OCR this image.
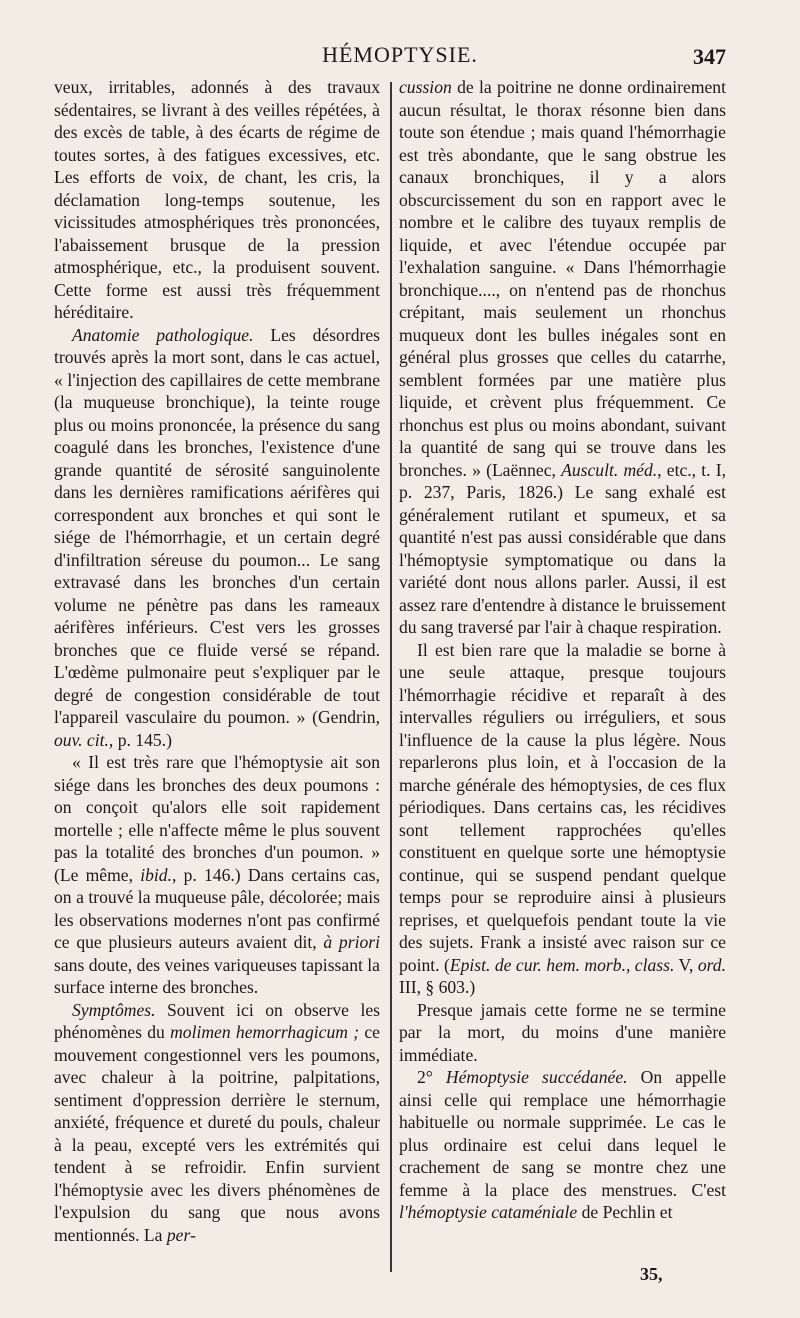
HÉMOPTYSIE.	347

veux, irritables, adonnés à des travaux sédentaires, se livrant à des veilles répétées, à des excès de table, à des écarts de régime de toutes sortes, à des fatigues excessives, etc. Les efforts de voix, de chant, les cris, la déclamation long-temps soutenue, les vicissitudes atmosphériques très prononcées, l'abaissement brusque de la pression atmosphérique, etc., la produisent souvent. Cette forme est aussi très fréquemment héréditaire.

Anatomie pathologique. Les désordres trouvés après la mort sont, dans le cas actuel, « l'injection des capillaires de cette membrane (la muqueuse bronchique), la teinte rouge plus ou moins prononcée, la présence du sang coagulé dans les bronches, l'existence d'une grande quantité de sérosité sanguinolente dans les dernières ramifications aérifères qui correspondent aux bronches et qui sont le siége de l'hémorrhagie, et un certain degré d'infiltration séreuse du poumon... Le sang extravasé dans les bronches d'un certain volume ne pénètre pas dans les rameaux aérifères inférieurs. C'est vers les grosses bronches que ce fluide versé se répand. L'œdème pulmonaire peut s'expliquer par le degré de congestion considérable de tout l'appareil vasculaire du poumon. » (Gendrin, ouv. cit., p. 145.)

« Il est très rare que l'hémoptysie ait son siége dans les bronches des deux poumons : on conçoit qu'alors elle soit rapidement mortelle ; elle n'affecte même le plus souvent pas la totalité des bronches d'un poumon. » (Le même, ibid., p. 146.) Dans certains cas, on a trouvé la muqueuse pâle, décolorée; mais les observations modernes n'ont pas confirmé ce que plusieurs auteurs avaient dit, à priori sans doute, des veines variqueuses tapissant la surface interne des bronches.

Symptômes. Souvent ici on observe les phénomènes du molimen hemorrhagicum ; ce mouvement congestionnel vers les poumons, avec chaleur à la poitrine, palpitations, sentiment d'oppression derrière le sternum, anxiété, fréquence et dureté du pouls, chaleur à la peau, excepté vers les extrémités qui tendent à se refroidir. Enfin survient l'hémoptysie avec les divers phénomènes de l'expulsion du sang que nous avons mentionnés. La per-

cussion de la poitrine ne donne ordinairement aucun résultat, le thorax résonne bien dans toute son étendue ; mais quand l'hémorrhagie est très abondante, que le sang obstrue les canaux bronchiques, il y a alors obscurcissement du son en rapport avec le nombre et le calibre des tuyaux remplis de liquide, et avec l'étendue occupée par l'exhalation sanguine. « Dans l'hémorrhagie bronchique...., on n'entend pas de rhonchus crépitant, mais seulement un rhonchus muqueux dont les bulles inégales sont en général plus grosses que celles du catarrhe, semblent formées par une matière plus liquide, et crèvent plus fréquemment. Ce rhonchus est plus ou moins abondant, suivant la quantité de sang qui se trouve dans les bronches. » (Laënnec, Auscult. méd., etc., t. I, p. 237, Paris, 1826.) Le sang exhalé est généralement rutilant et spumeux, et sa quantité n'est pas aussi considérable que dans l'hémoptysie symptomatique ou dans la variété dont nous allons parler. Aussi, il est assez rare d'entendre à distance le bruissement du sang traversé par l'air à chaque respiration.

Il est bien rare que la maladie se borne à une seule attaque, presque toujours l'hémorrhagie récidive et reparaît à des intervalles réguliers ou irréguliers, et sous l'influence de la cause la plus légère. Nous reparlerons plus loin, et à l'occasion de la marche générale des hémoptysies, de ces flux périodiques. Dans certains cas, les récidives sont tellement rapprochées qu'elles constituent en quelque sorte une hémoptysie continue, qui se suspend pendant quelque temps pour se reproduire ainsi à plusieurs reprises, et quelquefois pendant toute la vie des sujets. Frank a insisté avec raison sur ce point. (Epist. de cur. hem. morb., class. V, ord. III, § 603.)

Presque jamais cette forme ne se termine par la mort, du moins d'une manière immédiate.

2° Hémoptysie succédanée. On appelle ainsi celle qui remplace une hémorrhagie habituelle ou normale supprimée. Le cas le plus ordinaire est celui dans lequel le crachement de sang se montre chez une femme à la place des menstrues. C'est l'hémoptysie cataméniale de Pechlin et

35,
